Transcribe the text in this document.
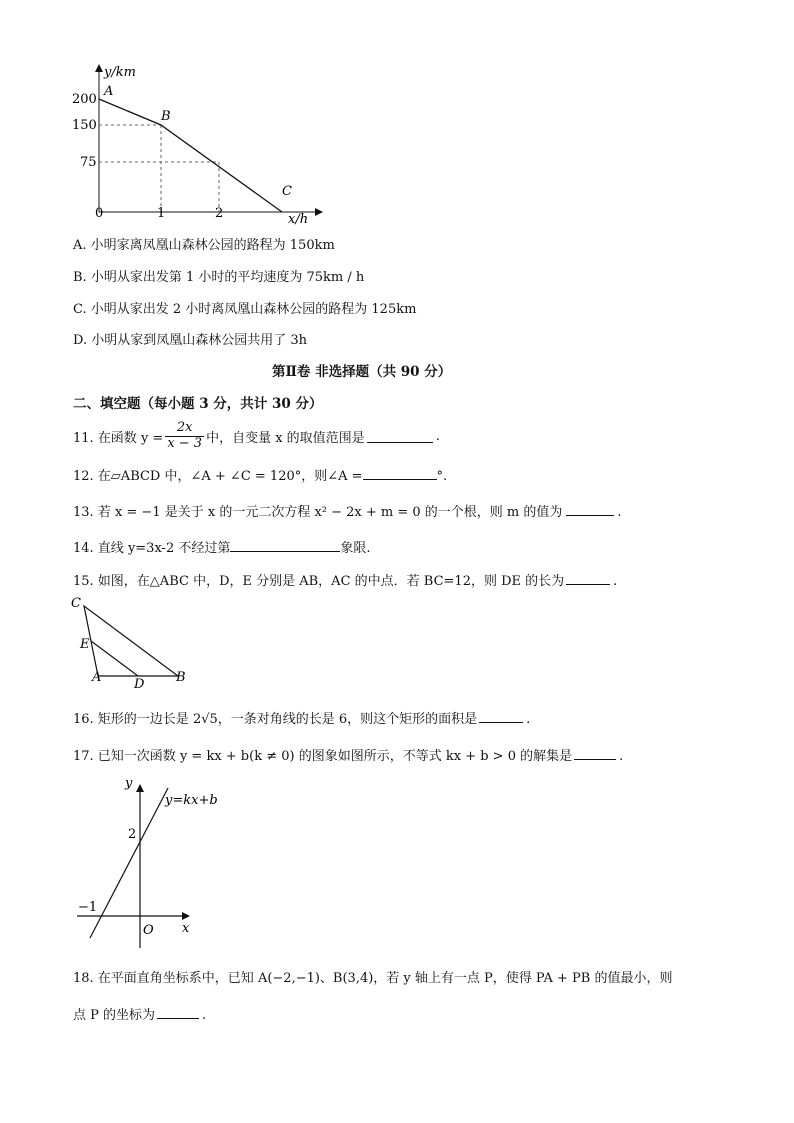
y/km
x/h
200
150
75
0	1	2
A
B
C
A. 小明家离凤凰山森林公园的路程为 150km
B. 小明从家出发第 1 小时的平均速度为 75km / h
C. 小明从家出发 2 小时离凤凰山森林公园的路程为 125km
D. 小明从家到凤凰山森林公园共用了 3h
第Ⅱ卷 非选择题（共 90 分）
二、填空题（每小题 3 分，共计 30 分）
11. 在函数 $y = \frac{2x}{x - 3}$ 中，自变量 x 的取值范围是	.
12. 在▱ABCD 中，∠A + ∠C = 120°，则∠A =	°.
13. 若 x = −1 是关于 x 的一元二次方程 x² − 2x + m = 0 的一个根，则 m 的值为	.
14. 直线 y=3x-2 不经过第	象限.
15. 如图，在△ABC 中，D，E 分别是 AB，AC 的中点．若 BC=12，则 DE 的长为	.
C
E
A	D B
16. 矩形的一边长是 2√5，一条对角线的长是 6，则这个矩形的面积是	.
17. 已知一次函数 y = kx + b(k ≠ 0) 的图象如图所示，不等式 kx + b > 0 的解集是	.
y
x
O
y=kx+b
2
−1
18. 在平面直角坐标系中，已知 A(−2,−1)、B(3,4)，若 y 轴上有一点 P，使得 PA + PB 的值最小，则
点 P 的坐标为	.
